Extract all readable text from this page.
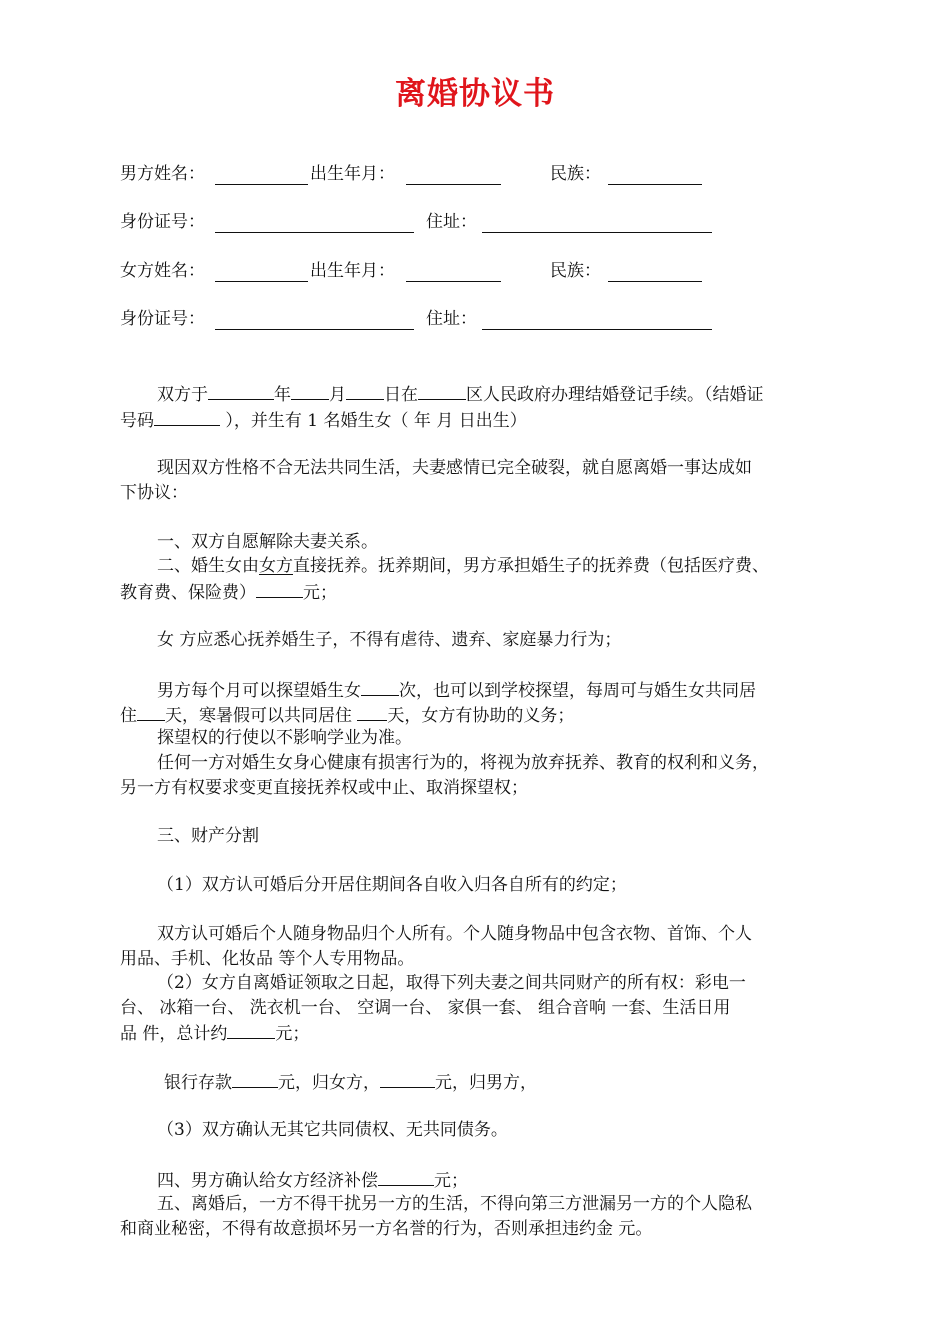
离婚协议书
男方姓名：	出生年月：	民族：
身份证号：	住址：
女方姓名：	出生年月：	民族：
身份证号：	住址：
双方于	年 月 日在	区人民政府办理结婚登记手续。（结婚证
号码	），并生有 1 名婚生女（ 年 月 日出生）
现因双方性格不合无法共同生活，夫妻感情已完全破裂，就自愿离婚一事达成如
下协议：
一、双方自愿解除夫妻关系。
二、婚生女由女方直接抚养。抚养期间，男方承担婚生子的抚养费（包括医疗费、
教育费、保险费）	元；
女 方应悉心抚养婚生子，不得有虐待、遗弃、家庭暴力行为；
男方每个月可以探望婚生女 次，也可以到学校探望，每周可与婚生女共同居
住 天，寒暑假可以共同居住 天，女方有协助的义务；
探望权的行使以不影响学业为准。
任何一方对婚生女身心健康有损害行为的，将视为放弃抚养、教育的权利和义务，
另一方有权要求变更直接抚养权或中止、取消探望权；
三、财产分割
（1）双方认可婚后分开居住期间各自收入归各自所有的约定；
双方认可婚后个人随身物品归个人所有。个人随身物品中包含衣物、首饰、个人
用品、手机、化妆品 等个人专用物品。
（2）女方自离婚证领取之日起，取得下列夫妻之间共同财产的所有权：彩电一
台、 冰箱一台、 洗衣机一台、 空调一台、 家俱一套、 组合音响 一套、生活日用
品 件，总计约	元；
银行存款	元，归女方，	元，归男方，
（3）双方确认无其它共同债权、无共同债务。
四、男方确认给女方经济补偿	元；
五、离婚后，一方不得干扰另一方的生活，不得向第三方泄漏另一方的个人隐私
和商业秘密，不得有故意损坏另一方名誉的行为，否则承担违约金 元。
